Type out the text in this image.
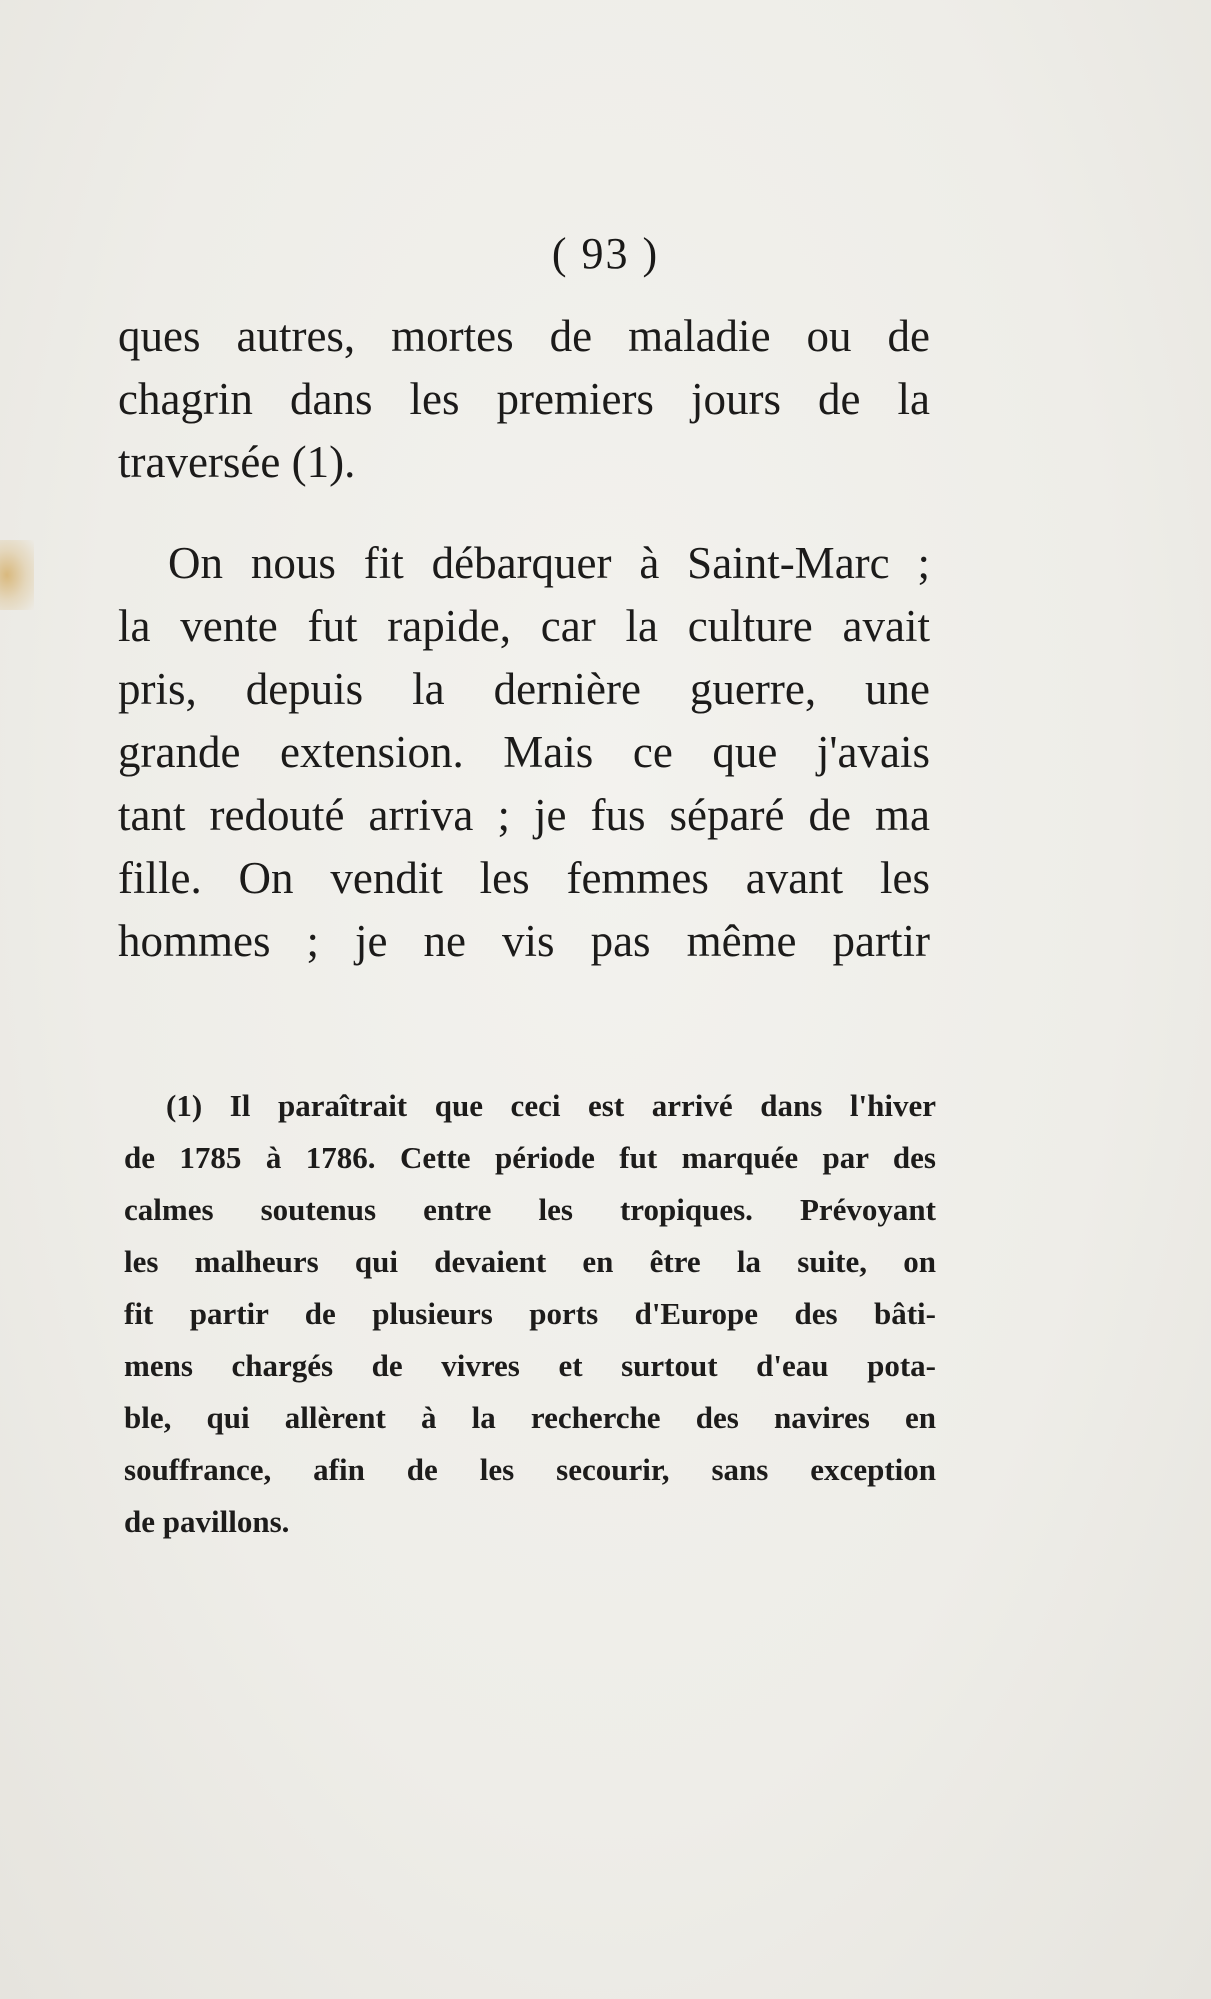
( 93 )
ques autres, mortes de maladie ou de
chagrin dans les premiers jours de la
traversée (1).
On nous fit débarquer à Saint-Marc ;
la vente fut rapide, car la culture avait
pris, depuis la dernière guerre, une
grande extension. Mais ce que j'avais
tant redouté arriva ; je fus séparé de ma
fille. On vendit les femmes avant les
hommes ; je ne vis pas même partir
(1) Il paraîtrait que ceci est arrivé dans l'hiver
de 1785 à 1786. Cette période fut marquée par des
calmes soutenus entre les tropiques. Prévoyant
les malheurs qui devaient en être la suite, on
fit partir de plusieurs ports d'Europe des bâti-
mens chargés de vivres et surtout d'eau pota-
ble, qui allèrent à la recherche des navires en
souffrance, afin de les secourir, sans exception
de pavillons.
